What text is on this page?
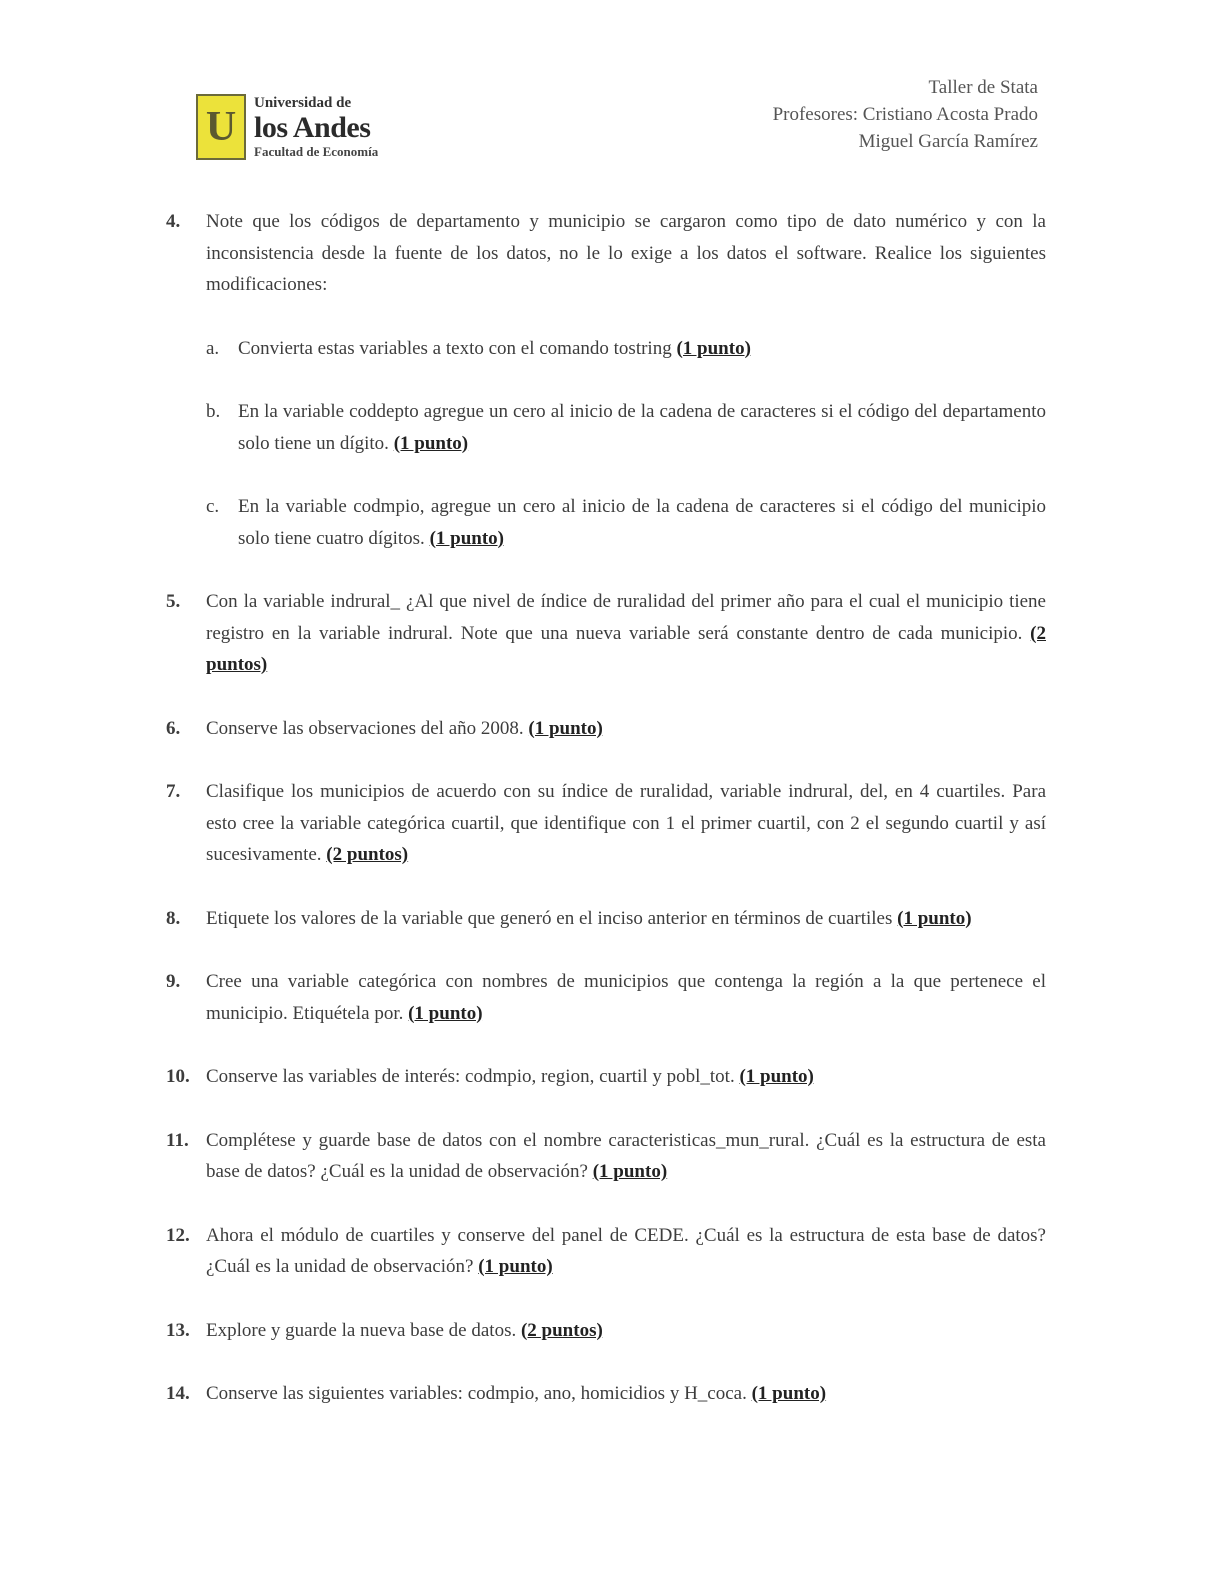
U
Universidad de
los Andes
Facultad de Economía
Taller de Stata
Profesores: Cristiano Acosta Prado
Miguel García Ramírez
4.	Note que los códigos de departamento y municipio se cargaron como tipo de dato numérico y con la inconsistencia desde la fuente de los datos, no le lo exige a los datos el software. Realice los siguientes modificaciones:
a. Convierta estas variables a texto con el comando tostring (1 punto)
b. En la variable coddepto agregue un cero al inicio de la cadena de caracteres si el código del departamento solo tiene un dígito. (1 punto)
c. En la variable codmpio, agregue un cero al inicio de la cadena de caracteres si el código del municipio solo tiene cuatro dígitos. (1 punto)
5.	Con la variable indrural_ ¿Al que nivel de índice de ruralidad del primer año para el cual el municipio tiene registro en la variable indrural. Note que una nueva variable será constante dentro de cada municipio. (2 puntos)
6.	Conserve las observaciones del año 2008. (1 punto)
7.	Clasifique los municipios de acuerdo con su índice de ruralidad, variable indrural, del, en 4 cuartiles. Para esto cree la variable categórica cuartil, que identifique con 1 el primer cuartil, con 2 el segundo cuartil y así sucesivamente. (2 puntos)
8.	Etiquete los valores de la variable que generó en el inciso anterior en términos de cuartiles (1 punto)
9.	Cree una variable categórica con nombres de municipios que contenga la región a la que pertenece el municipio. Etiquétela por. (1 punto)
10. Conserve las variables de interés: codmpio, region, cuartil y pobl_tot. (1 punto)
11. Complétese y guarde base de datos con el nombre caracteristicas_mun_rural. ¿Cuál es la estructura de esta base de datos? ¿Cuál es la unidad de observación? (1 punto)
12. Ahora el módulo de cuartiles y conserve del panel de CEDE. ¿Cuál es la estructura de esta base de datos? ¿Cuál es la unidad de observación? (1 punto)
13. Explore y guarde la nueva base de datos. (2 puntos)
14. Conserve las siguientes variables: codmpio, ano, homicidios y H_coca. (1 punto)
